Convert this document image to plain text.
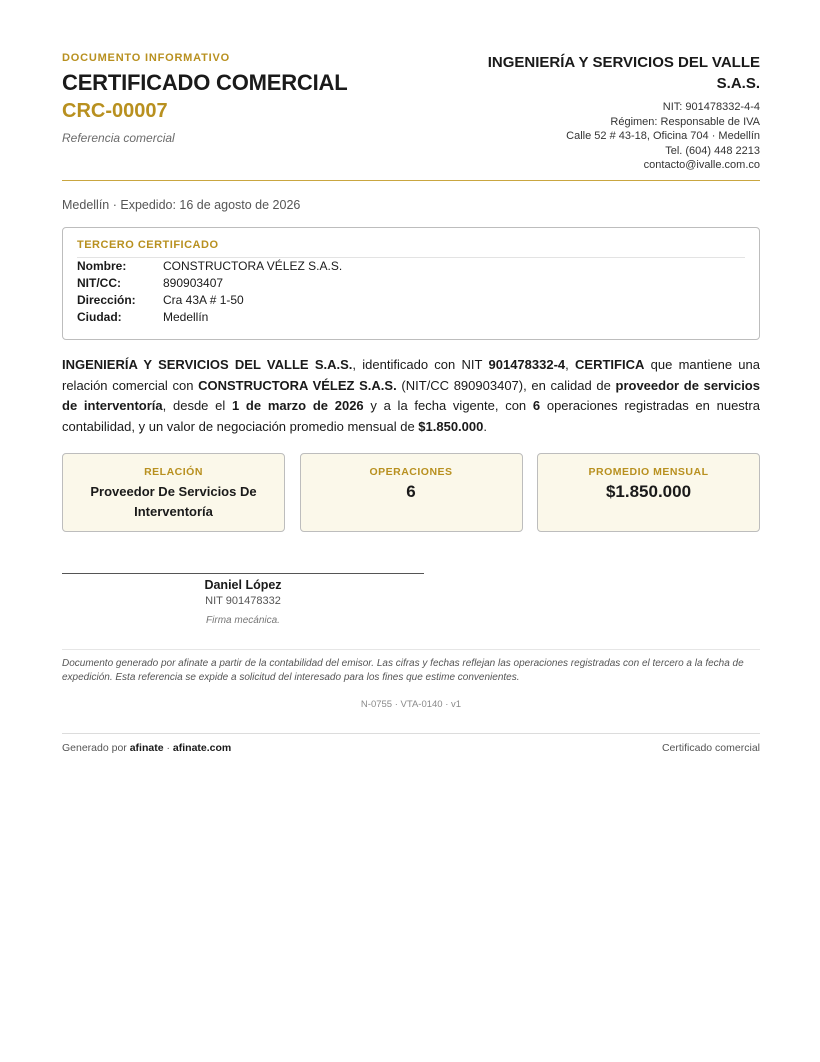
DOCUMENTO INFORMATIVO
CERTIFICADO COMERCIAL
CRC-00007
Referencia comercial
INGENIERÍA Y SERVICIOS DEL VALLE S.A.S.
NIT: 901478332-4-4
Régimen: Responsable de IVA
Calle 52 # 43-18, Oficina 704 · Medellín
Tel. (604) 448 2213
contacto@ivalle.com.co
Medellín · Expedido: 16 de agosto de 2026
TERCERO CERTIFICADO
Nombre:	CONSTRUCTORA VÉLEZ S.A.S.
NIT/CC:	890903407
Dirección:	Cra 43A # 1-50
Ciudad:	Medellín

INGENIERÍA Y SERVICIOS DEL VALLE S.A.S., identificado con NIT 901478332-4, CERTIFICA que mantiene una relación comercial con CONSTRUCTORA VÉLEZ S.A.S. (NIT/CC 890903407), en calidad de proveedor de servicios de interventoría, desde el 1 de marzo de 2026 y a la fecha vigente, con 6 operaciones registradas en nuestra contabilidad, y un valor de negociación promedio mensual de $1.850.000.

RELACIÓN
Proveedor De Servicios De Interventoría
OPERACIONES
6
PROMEDIO MENSUAL
$1.850.000
Daniel López
NIT 901478332
Firma mecánica.
Documento generado por afinate a partir de la contabilidad del emisor. Las cifras y fechas reflejan las operaciones registradas con el tercero a la fecha de expedición. Esta referencia se expide a solicitud del interesado para los fines que estime convenientes.
N-0755 · VTA-0140 · v1
Generado por afinate · afinate.com	Certificado comercial
